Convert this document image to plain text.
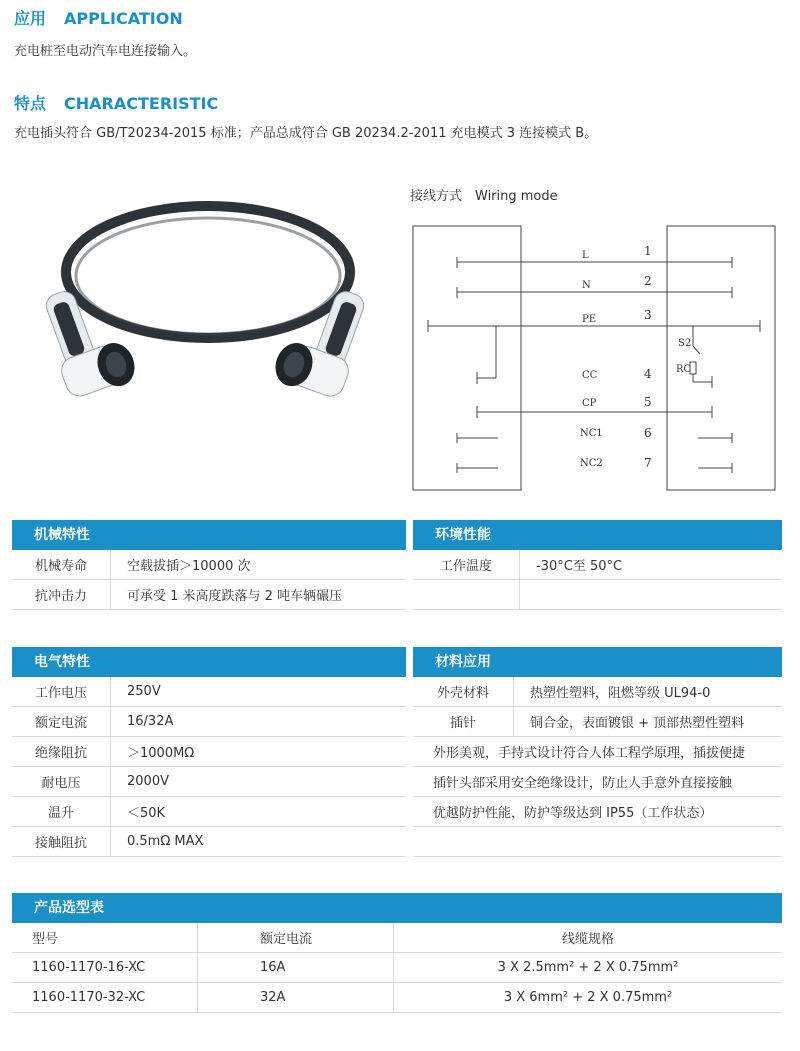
应用 APPLICATION
充电桩至电动汽车电连接输入。
特点 CHARACTERISTIC
充电插头符合 GB/T20234-2015 标准；产品总成符合 GB 20234.2-2011 充电模式 3 连接模式 B。
接线方式　Wiring mode
L	1
N	2
PE	3
S2
RC
CC	4
CP	5
NC1	6
NC2	7
机械特性
机械寿命	空载拔插＞10000 次
抗冲击力	可承受 1 米高度跌落与 2 吨车辆碾压
环境性能
工作温度	-30°C至 50°C

电气特性
工作电压	250V
额定电流	16/32A
绝缘阻抗	＞1000MΩ
耐电压	2000V
温升	＜50K
接触阻抗	0.5mΩ MAX
材料应用
外壳材料	热塑性塑料，阻燃等级 UL94-0
插针	铜合金，表面镀银 + 顶部热塑性塑料
外形美观，手持式设计符合人体工程学原理，插拔便捷	
插针头部采用安全绝缘设计，防止人手意外直接接触	
优越防护性能，防护等级达到 IP55（工作状态）	

产品选型表
型号	额定电流	线缆规格
1160-1170-16-XC	16A	3 X 2.5mm² + 2 X 0.75mm²
1160-1170-32-XC	32A	3 X 6mm² + 2 X 0.75mm²
